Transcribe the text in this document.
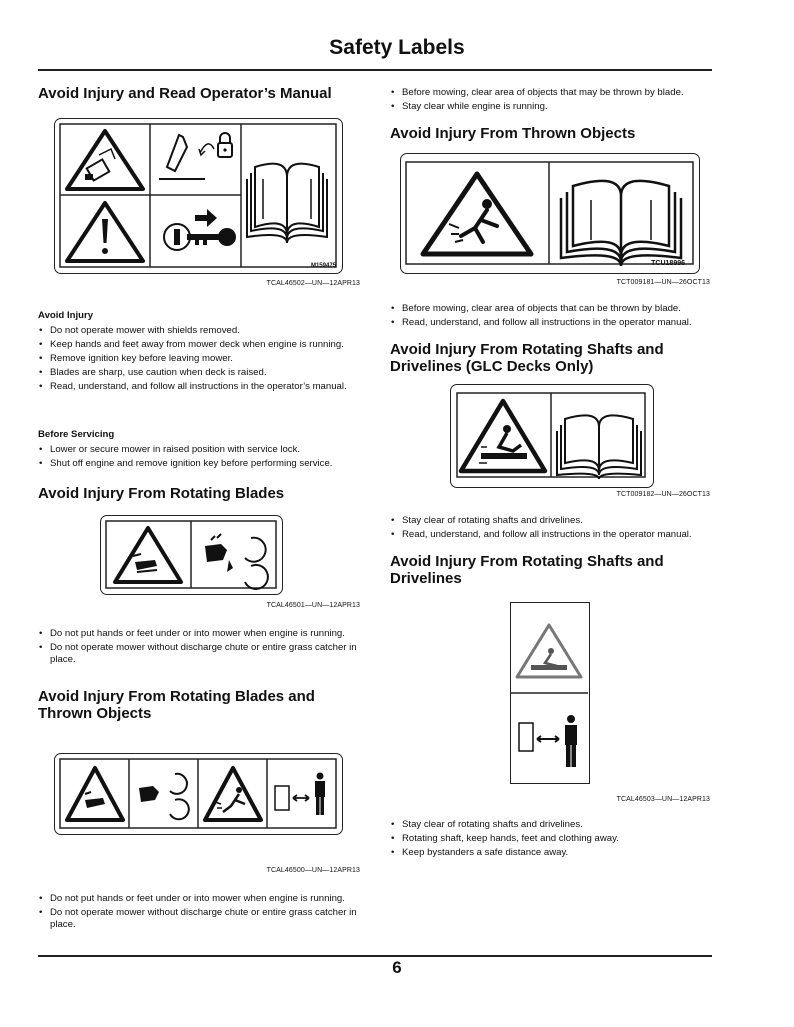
Safety Labels
Avoid Injury and Read Operator’s Manual
M159475
TCAL46502—UN—12APR13
Avoid Injury
• Do not operate mower with shields removed.
• Keep hands and feet away from mower deck when engine is running.
• Remove ignition key before leaving mower.
• Blades are sharp, use caution when deck is raised.
• Read, understand, and follow all instructions in the operator’s manual.
Before Servicing
• Lower or secure mower in raised position with service lock.
• Shut off engine and remove ignition key before performing service.
Avoid Injury From Rotating Blades
TCAL46501—UN—12APR13
• Do not put hands or feet under or into mower when engine is running.
• Do not operate mower without discharge chute or entire grass catcher in place.
Avoid Injury From Rotating Blades and Thrown Objects
TCAL46500—UN—12APR13
• Do not put hands or feet under or into mower when engine is running.
• Do not operate mower without discharge chute or entire grass catcher in place.
• Before mowing, clear area of objects that may be thrown by blade.
• Stay clear while engine is running.
Avoid Injury From Thrown Objects
TCU18996
TCT009181—UN—26OCT13
• Before mowing, clear area of objects that can be thrown by blade.
• Read, understand, and follow all instructions in the operator manual.
Avoid Injury From Rotating Shafts and Drivelines (GLC Decks Only)
TCT009182—UN—26OCT13
• Stay clear of rotating shafts and drivelines.
• Read, understand, and follow all instructions in the operator manual.
Avoid Injury From Rotating Shafts and Drivelines
TCAL46503—UN—12APR13
• Stay clear of rotating shafts and drivelines.
• Rotating shaft, keep hands, feet and clothing away.
• Keep bystanders a safe distance away.
6
